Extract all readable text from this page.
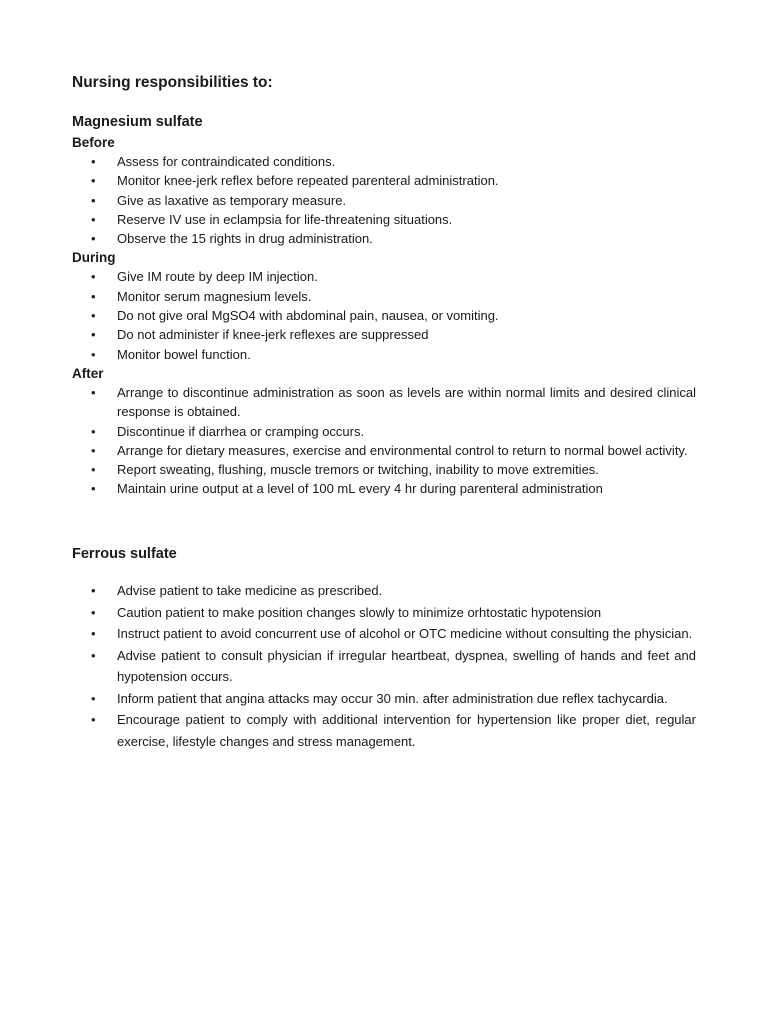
Nursing responsibilities to:
Magnesium sulfate
Before
• Assess for contraindicated conditions.
• Monitor knee-jerk reflex before repeated parenteral administration.
• Give as laxative as temporary measure.
• Reserve IV use in eclampsia for life-threatening situations.
• Observe the 15 rights in drug administration.
During
• Give IM route by deep IM injection.
• Monitor serum magnesium levels.
• Do not give oral MgSO4 with abdominal pain, nausea, or vomiting.
• Do not administer if knee-jerk reflexes are suppressed
• Monitor bowel function.
After
• Arrange to discontinue administration as soon as levels are within normal limits and desired clinical response is obtained.
• Discontinue if diarrhea or cramping occurs.
• Arrange for dietary measures, exercise and environmental control to return to normal bowel activity.
• Report sweating, flushing, muscle tremors or twitching, inability to move extremities.
• Maintain urine output at a level of 100 mL every 4 hr during parenteral administration
Ferrous sulfate
• Advise patient to take medicine as prescribed.
• Caution patient to make position changes slowly to minimize orhtostatic hypotension
• Instruct patient to avoid concurrent use of alcohol or OTC medicine without consulting the physician.
• Advise patient to consult physician if irregular heartbeat, dyspnea, swelling of hands and feet and hypotension occurs.
• Inform patient that angina attacks may occur 30 min. after administration due reflex tachycardia.
• Encourage patient to comply with additional intervention for hypertension like proper diet, regular exercise, lifestyle changes and stress management.
